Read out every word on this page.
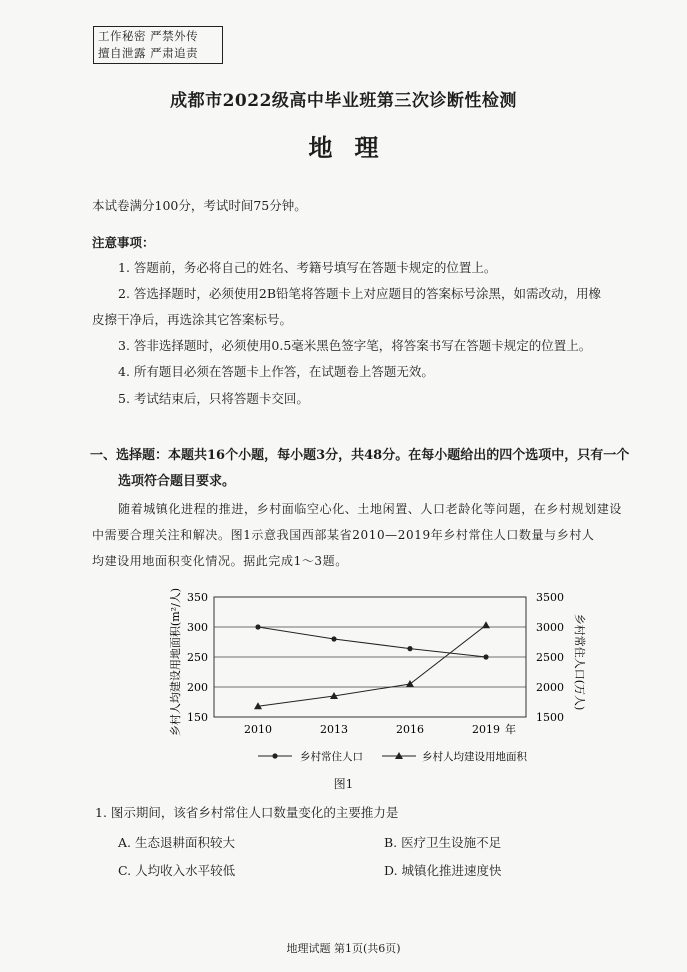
工作秘密 严禁外传
擅自泄露 严肃追责
成都市2022级高中毕业班第三次诊断性检测
地理
本试卷满分100分，考试时间75分钟。
注意事项：
1. 答题前，务必将自己的姓名、考籍号填写在答题卡规定的位置上。
2. 答选择题时，必须使用2B铅笔将答题卡上对应题目的答案标号涂黑，如需改动，用橡
皮擦干净后，再选涂其它答案标号。
3. 答非选择题时，必须使用0.5毫米黑色签字笔，将答案书写在答题卡规定的位置上。
4. 所有题目必须在答题卡上作答，在试题卷上答题无效。
5. 考试结束后，只将答题卡交回。
一、选择题：本题共16个小题，每小题3分，共48分。在每小题给出的四个选项中，只有一个
选项符合题目要求。
随着城镇化进程的推进，乡村面临空心化、土地闲置、人口老龄化等问题，在乡村规划建设
中需要合理关注和解决。图1示意我国西部某省2010—2019年乡村常住人口数量与乡村人
均建设用地面积变化情况。据此完成1～3题。
150
200
250
300
350
1500
2000
2500
3000
3500
2010	2013	2016	2019 年
乡村人均建设用地面积(m²/人)	乡村常住人口(万人)
乡村常住人口	乡村人均建设用地面积
图1
1. 图示期间，该省乡村常住人口数量变化的主要推力是
A. 生态退耕面积较大	B. 医疗卫生设施不足
C. 人均收入水平较低	D. 城镇化推进速度快
地理试题 第1页(共6页)
